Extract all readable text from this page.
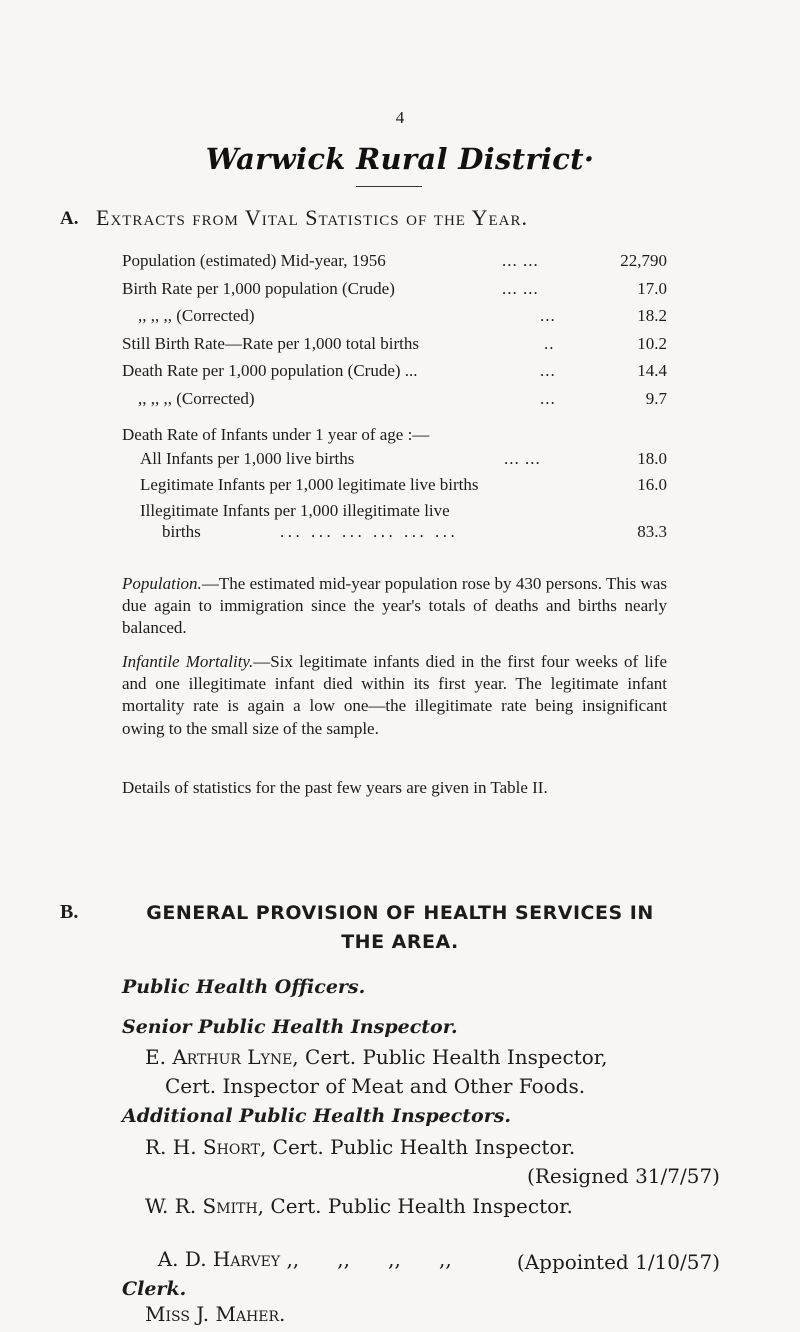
4
Warwick Rural District·
A. Extracts from Vital Statistics of the Year.
Population (estimated) Mid-year, 1956	... ...	22,790
Birth Rate per 1,000 population (Crude)	... ...	17.0
,, ,, ,, (Corrected)	...	18.2
Still Birth Rate—Rate per 1,000 total births	..	10.2
Death Rate per 1,000 population (Crude) ...	...	14.4
,, ,, ,, (Corrected)	...	9.7
Death Rate of Infants under 1 year of age :—
All Infants per 1,000 live births	... ...	18.0
Legitimate Infants per 1,000 legitimate live births	16.0
Illegitimate Infants per 1,000 illegitimate live
births	... ... ... ... ... ...	83.3
Population.—The estimated mid-year population rose by 430 persons. This was due again to immigration since the year's totals of deaths and births nearly balanced.
Infantile Mortality.—Six legitimate infants died in the first four weeks of life and one illegitimate infant died within its first year. The legitimate infant mortality rate is again a low one—the illegitimate rate being insignificant owing to the small size of the sample.
Details of statistics for the past few years are given in Table II.
B.	GENERAL PROVISION OF HEALTH SERVICES IN
THE AREA.
Public Health Officers.
Senior Public Health Inspector.
E. Arthur Lyne, Cert. Public Health Inspector,
Cert. Inspector of Meat and Other Foods.
Additional Public Health Inspectors.
R. H. Short, Cert. Public Health Inspector.
(Resigned 31/7/57)
W. R. Smith, Cert. Public Health Inspector.

A. D. Harvey ,,      ,,      ,,      ,,	(Appointed 1/10/57)
Clerk.
Miss J. Maher.
